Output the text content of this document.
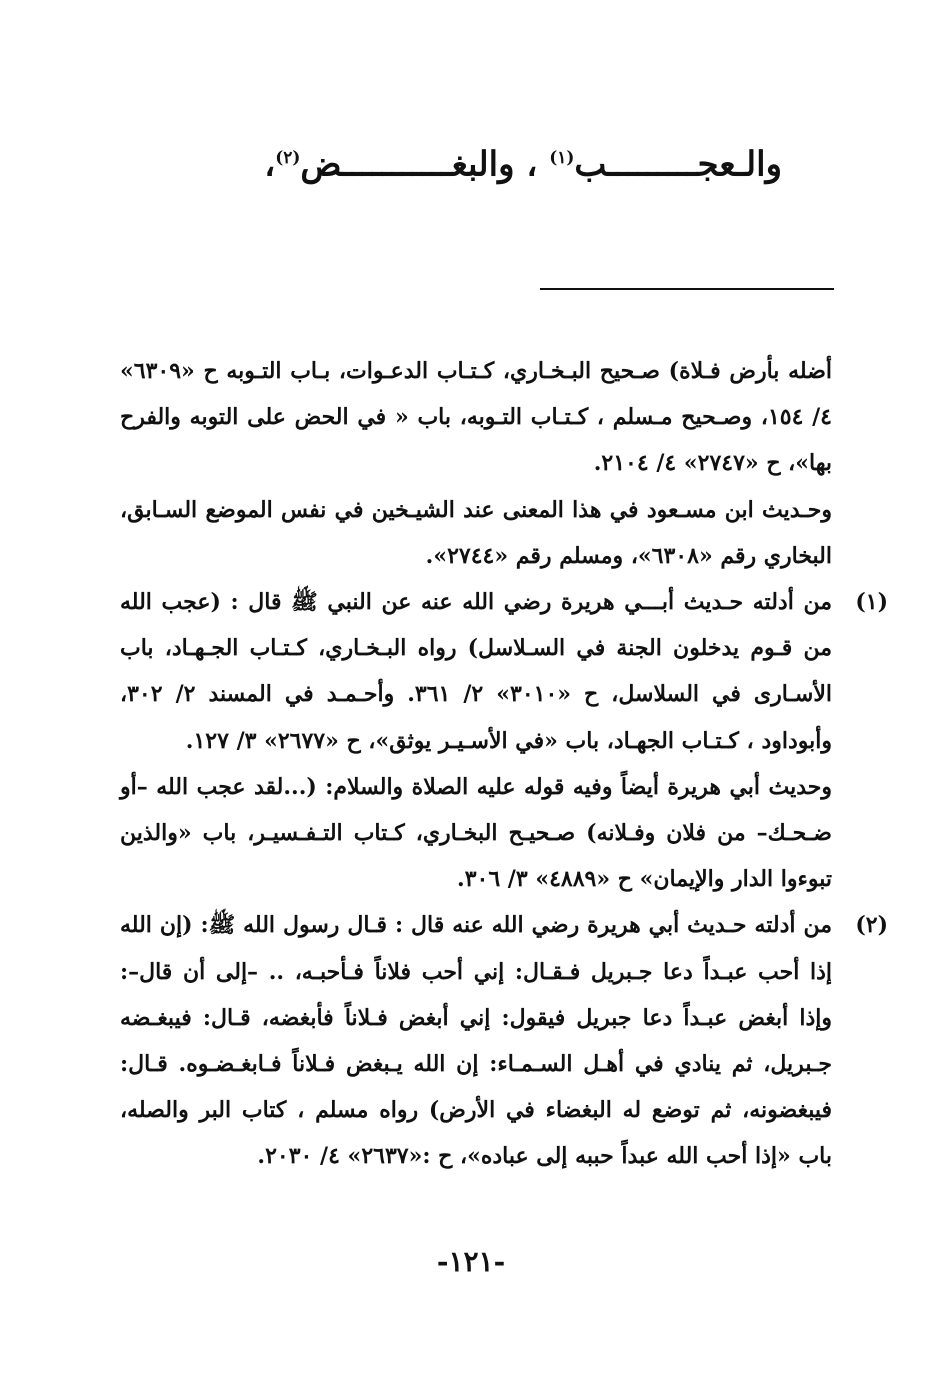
والـعجـــــــــب$^{(١)}$ ، والبغـــــــــــض$^{(٢)}$،

أضله بأرض فـلاة) صـحيح البـخـاري، كـتـاب الدعـوات، بـاب التـوبه ح «٦٣٠٩» ٤/ ١٥٤، وصـحيح مـسلم ، كـتـاب التـوبه، باب « في الحض على التوبه والفرح بها»، ح «٢٧٤٧» ٤/ ٢١٠٤.

وحـديث ابن مسـعود في هذا المعنى عند الشيـخين في نفس الموضع السـابق، البخاري رقم «٦٣٠٨»، ومسلم رقم «٢٧٤٤».

(١)

من أدلته حـديث أبـــي هريرة رضي الله عنه عن النبي ﷺ قال : (عجب الله من قـوم يدخلون الجنة في السـلاسل) رواه البـخـاري، كـتـاب الجـهـاد، باب الأسـارى في السلاسل، ح «٣٠١٠» ٢/ ٣٦١. وأحـمـد في المسند ٢/ ٣٠٢، وأبوداود ، كـتـاب الجهـاد، باب «في الأسـيـر يوثق»، ح «٢٦٧٧» ٣/ ١٢٧.

وحديث أبي هريرة أيضاً وفيه قوله عليه الصلاة والسلام: (...لقد عجب الله –أو ضـحـك– من فلان وفـلانه) صـحيـح البخـاري، كـتاب التـفـسيـر، باب «والذين تبوءوا الدار والإيمان» ح «٤٨٨٩» ٣/ ٣٠٦.

(٢)

من أدلته حـديث أبي هريرة رضي الله عنه قال : قـال رسول الله ﷺ: (إن الله إذا أحب عبـداً دعا جـبريل فـقـال: إني أحب فلاناً فـأحبـه، .. –إلى أن قال–: وإذا أبغض عبـداً دعا جبريل فيقول: إني أبغض فـلاناً فأبغضه، قـال: فيبغـضه جـبريل، ثم ينادي في أهـل السـمـاء: إن الله يـبغض فـلاناً فـابغـضـوه. قـال: فيبغضونه، ثم توضع له البغضاء في الأرض) رواه مسلم ، كتاب البر والصله، باب «إذا أحب الله عبداً حببه إلى عباده»، ح :«٢٦٣٧» ٤/ ٢٠٣٠.

-١٢١-
